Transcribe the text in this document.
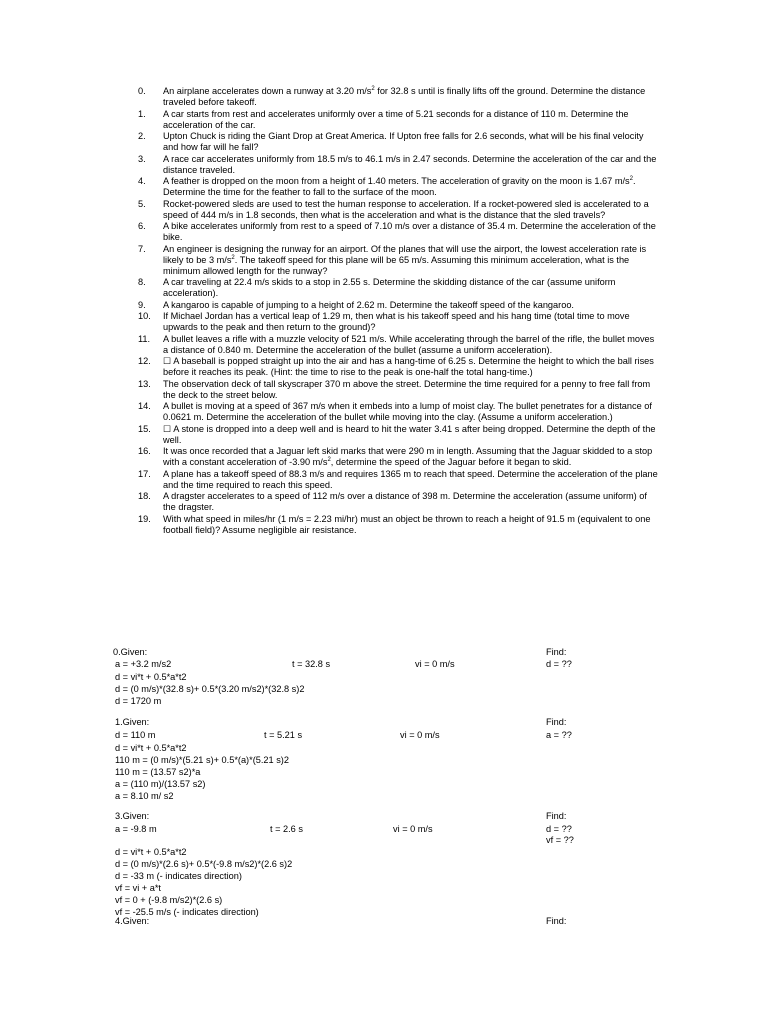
0.	An airplane accelerates down a runway at 3.20 $m/s^2$ for 32.8 s until is finally lifts off the ground. Determine the distance traveled before takeoff.
1.	A car starts from rest and accelerates uniformly over a time of 5.21 seconds for a distance of 110 m. Determine the acceleration of the car.
2.	Upton Chuck is riding the Giant Drop at Great America. If Upton free falls for 2.6 seconds, what will be his final velocity and how far will he fall?
3.	A race car accelerates uniformly from 18.5 m/s to 46.1 m/s in 2.47 seconds. Determine the acceleration of the car and the distance traveled.
4.	A feather is dropped on the moon from a height of 1.40 meters. The acceleration of gravity on the moon is 1.67 $m/s^2$. Determine the time for the feather to fall to the surface of the moon.
5.	Rocket-powered sleds are used to test the human response to acceleration. If a rocket-powered sled is accelerated to a speed of 444 m/s in 1.8 seconds, then what is the acceleration and what is the distance that the sled travels?
6.	A bike accelerates uniformly from rest to a speed of 7.10 m/s over a distance of 35.4 m. Determine the acceleration of the bike.
7.	An engineer is designing the runway for an airport. Of the planes that will use the airport, the lowest acceleration rate is likely to be 3 $m/s^2$. The takeoff speed for this plane will be 65 m/s. Assuming this minimum acceleration, what is the minimum allowed length for the runway?
8.	A car traveling at 22.4 m/s skids to a stop in 2.55 s. Determine the skidding distance of the car (assume uniform acceleration).
9.	A kangaroo is capable of jumping to a height of 2.62 m. Determine the takeoff speed of the kangaroo.
10.	If Michael Jordan has a vertical leap of 1.29 m, then what is his takeoff speed and his hang time (total time to move upwards to the peak and then return to the ground)?
11.	A bullet leaves a rifle with a muzzle velocity of 521 m/s. While accelerating through the barrel of the rifle, the bullet moves a distance of 0.840 m. Determine the acceleration of the bullet (assume a uniform acceleration).
12.	☐ A baseball is popped straight up into the air and has a hang-time of 6.25 s. Determine the height to which the ball rises before it reaches its peak. (Hint: the time to rise to the peak is one-half the total hang-time.)
13.	The observation deck of tall skyscraper 370 m above the street. Determine the time required for a penny to free fall from the deck to the street below.
14.	A bullet is moving at a speed of 367 m/s when it embeds into a lump of moist clay. The bullet penetrates for a distance of 0.0621 m. Determine the acceleration of the bullet while moving into the clay. (Assume a uniform acceleration.)
15.	☐ A stone is dropped into a deep well and is heard to hit the water 3.41 s after being dropped. Determine the depth of the well.
16.	It was once recorded that a Jaguar left skid marks that were 290 m in length. Assuming that the Jaguar skidded to a stop with a constant acceleration of -3.90 $m/s^2$, determine the speed of the Jaguar before it began to skid.
17.	A plane has a takeoff speed of 88.3 m/s and requires 1365 m to reach that speed. Determine the acceleration of the plane and the time required to reach this speed.
18.	A dragster accelerates to a speed of 112 m/s over a distance of 398 m. Determine the acceleration (assume uniform) of the dragster.
19.	With what speed in miles/hr (1 m/s = 2.23 mi/hr) must an object be thrown to reach a height of 91.5 m (equivalent to one football field)? Assume negligible air resistance.
0.Given:	Find:
a = +3.2 m/s2	t = 32.8 s	vi = 0 m/s	d = ??
d = vi*t + 0.5*a*t2
d = (0 m/s)*(32.8 s)+ 0.5*(3.20 m/s2)*(32.8 s)2
d = 1720 m
1.Given:	Find:
d = 110 m	t = 5.21 s	vi = 0 m/s	a = ??
d = vi*t + 0.5*a*t2
110 m = (0 m/s)*(5.21 s)+ 0.5*(a)*(5.21 s)2
110 m = (13.57 s2)*a
a = (110 m)/(13.57 s2)
a = 8.10 m/ s2
3.Given:	Find:
a = -9.8 m	t = 2.6 s	vi = 0 m/s	d = ??
vf = ??
d = vi*t + 0.5*a*t2
d = (0 m/s)*(2.6 s)+ 0.5*(-9.8 m/s2)*(2.6 s)2
d = -33 m (- indicates direction)
vf = vi + a*t
vf = 0 + (-9.8 m/s2)*(2.6 s)
vf = -25.5 m/s (- indicates direction)
4.Given:	Find:
